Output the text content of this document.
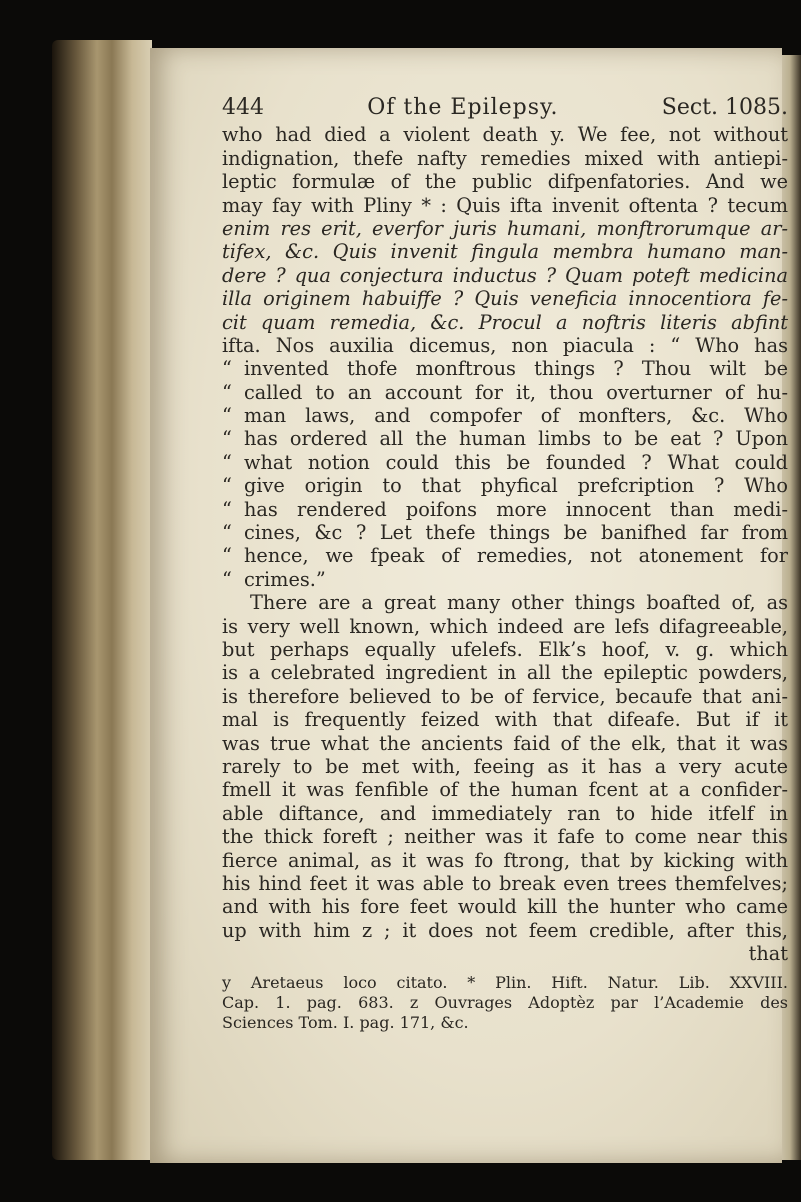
444	Of the Epilepsy.	Sect. 1085.
who had died a violent death y. We fee, not without
indignation, thefe nafty remedies mixed with antiepi-
leptic formulæ of the public difpenfatories. And we
may fay with Pliny * : Quis ifta invenit oftenta ? tecum
enim res erit, everfor juris humani, monftrorumque ar-
tifex, &c. Quis invenit fingula membra humano man-
dere ? qua conjectura inductus ? Quam poteft medicina
illa originem habuiffe ? Quis veneficia innocentiora fe-
cit quam remedia, &c. Procul a noftris literis abfint
ifta. Nos auxilia dicemus, non piacula : “ Who has
“ invented thofe monftrous things ? Thou wilt be
“ called to an account for it, thou overturner of hu-
“ man laws, and compofer of monfters, &c. Who
“ has ordered all the human limbs to be eat ? Upon
“ what notion could this be founded ? What could
“ give origin to that phyfical prefcription ? Who
“ has rendered poifons more innocent than medi-
“ cines, &c ? Let thefe things be banifhed far from
“ hence, we fpeak of remedies, not atonement for
“ crimes.”
There are a great many other things boafted of, as
is very well known, which indeed are lefs difagreeable,
but perhaps equally ufelefs. Elk’s hoof, v. g. which
is a celebrated ingredient in all the epileptic powders,
is therefore believed to be of fervice, becaufe that ani-
mal is frequently feized with that difeafe. But if it
was true what the ancients faid of the elk, that it was
rarely to be met with, feeing as it has a very acute
fmell it was fenfible of the human fcent at a confider-
able diftance, and immediately ran to hide itfelf in
the thick foreft ; neither was it fafe to come near this
fierce animal, as it was fo ftrong, that by kicking with
his hind feet it was able to break even trees themfelves;
and with his fore feet would kill the hunter who came
up with him z ; it does not feem credible, after this,
that
y Aretaeus loco citato. * Plin. Hift. Natur. Lib. XXVIII.
Cap. 1. pag. 683. z Ouvrages Adoptèz par l’Academie des
Sciences Tom. I. pag. 171, &c.
